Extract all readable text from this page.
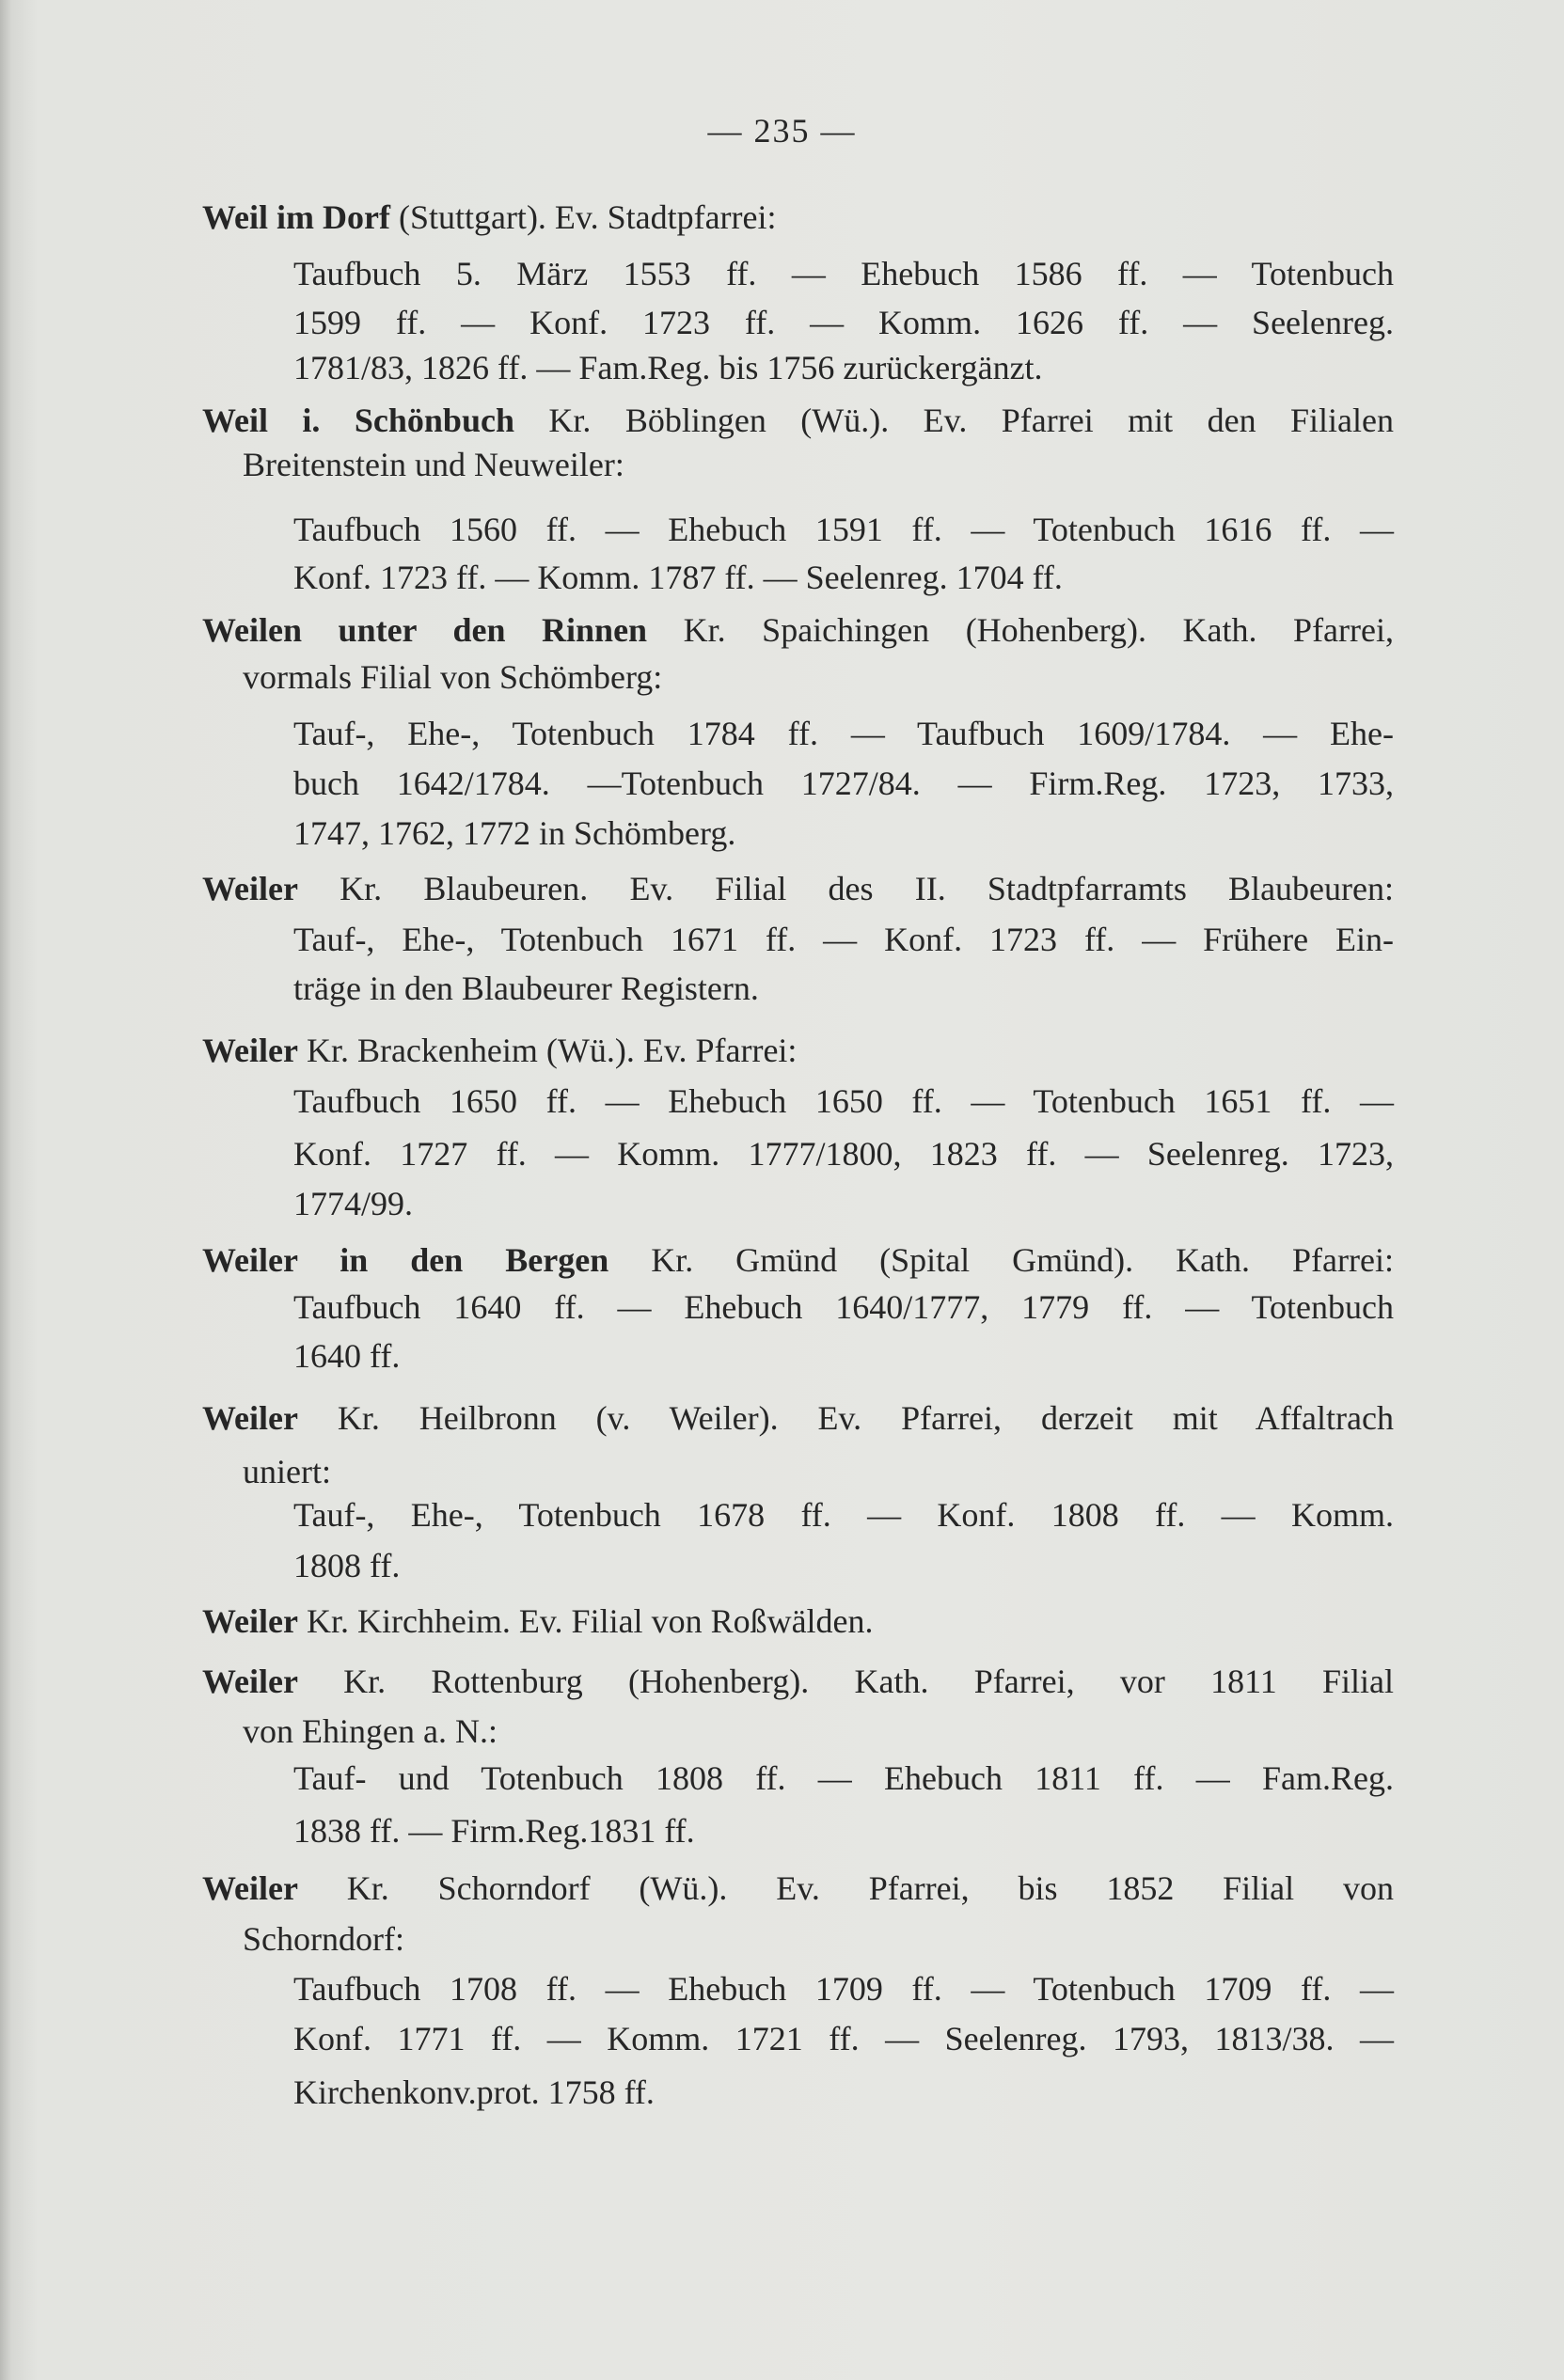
— 235 —
Weil im Dorf (Stuttgart). Ev. Stadtpfarrei:
Taufbuch 5. März 1553 ff. — Ehebuch 1586 ff. — Totenbuch
1599 ff. — Konf. 1723 ff. — Komm. 1626 ff. — Seelenreg.
1781/83, 1826 ff. — Fam.Reg. bis 1756 zurückergänzt.
Weil i. Schönbuch Kr. Böblingen (Wü.). Ev. Pfarrei mit den Filialen
Breitenstein und Neuweiler:
Taufbuch 1560 ff. — Ehebuch 1591 ff. — Totenbuch 1616 ff. —
Konf. 1723 ff. — Komm. 1787 ff. — Seelenreg. 1704 ff.
Weilen unter den Rinnen Kr. Spaichingen (Hohenberg). Kath. Pfarrei,
vormals Filial von Schömberg:
Tauf-, Ehe-, Totenbuch 1784 ff. — Taufbuch 1609/1784. — Ehe-
buch 1642/1784. —Totenbuch 1727/84. — Firm.Reg. 1723, 1733,
1747, 1762, 1772 in Schömberg.
Weiler Kr. Blaubeuren. Ev. Filial des II. Stadtpfarramts Blaubeuren:
Tauf-, Ehe-, Totenbuch 1671 ff. — Konf. 1723 ff. — Frühere Ein-
träge in den Blaubeurer Registern.
Weiler Kr. Brackenheim (Wü.). Ev. Pfarrei:
Taufbuch 1650 ff. — Ehebuch 1650 ff. — Totenbuch 1651 ff. —
Konf. 1727 ff. — Komm. 1777/1800, 1823 ff. — Seelenreg. 1723,
1774/99.
Weiler in den Bergen Kr. Gmünd (Spital Gmünd). Kath. Pfarrei:
Taufbuch 1640 ff. — Ehebuch 1640/1777, 1779 ff. — Totenbuch
1640 ff.
Weiler Kr. Heilbronn (v. Weiler). Ev. Pfarrei, derzeit mit Affaltrach
uniert:
Tauf-, Ehe-, Totenbuch 1678 ff. — Konf. 1808 ff. — Komm.
1808 ff.
Weiler Kr. Kirchheim. Ev. Filial von Roßwälden.
Weiler Kr. Rottenburg (Hohenberg). Kath. Pfarrei, vor 1811 Filial
von Ehingen a. N.:
Tauf- und Totenbuch 1808 ff. — Ehebuch 1811 ff. — Fam.Reg.
1838 ff. — Firm.Reg.1831 ff.
Weiler Kr. Schorndorf (Wü.). Ev. Pfarrei, bis 1852 Filial von
Schorndorf:
Taufbuch 1708 ff. — Ehebuch 1709 ff. — Totenbuch 1709 ff. —
Konf. 1771 ff. — Komm. 1721 ff. — Seelenreg. 1793, 1813/38. —
Kirchenkonv.prot. 1758 ff.
